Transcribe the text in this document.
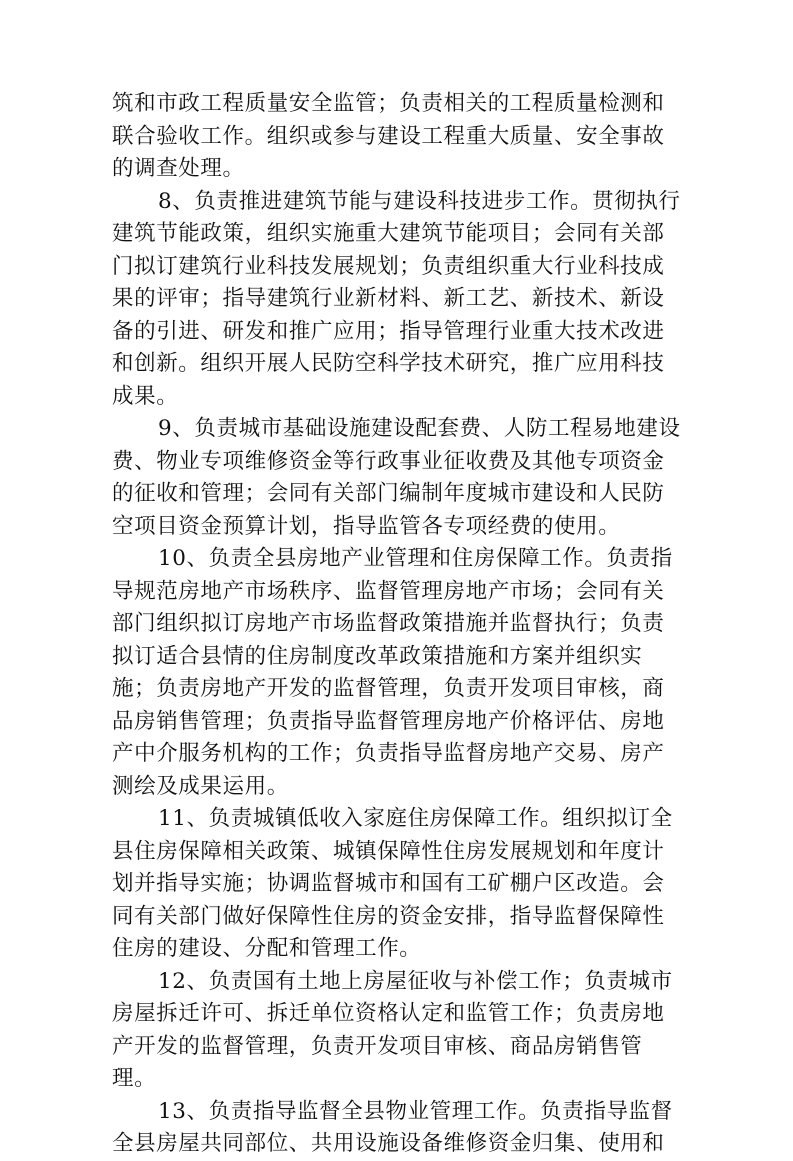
筑和市政工程质量安全监管；负责相关的工程质量检测和
联合验收工作。组织或参与建设工程重大质量、安全事故
的调查处理。
8、负责推进建筑节能与建设科技进步工作。贯彻执行
建筑节能政策，组织实施重大建筑节能项目；会同有关部
门拟订建筑行业科技发展规划；负责组织重大行业科技成
果的评审；指导建筑行业新材料、新工艺、新技术、新设
备的引进、研发和推广应用；指导管理行业重大技术改进
和创新。组织开展人民防空科学技术研究，推广应用科技
成果。
9、负责城市基础设施建设配套费、人防工程易地建设
费、物业专项维修资金等行政事业征收费及其他专项资金
的征收和管理；会同有关部门编制年度城市建设和人民防
空项目资金预算计划，指导监管各专项经费的使用。
10、负责全县房地产业管理和住房保障工作。负责指
导规范房地产市场秩序、监督管理房地产市场；会同有关
部门组织拟订房地产市场监督政策措施并监督执行；负责
拟订适合县情的住房制度改革政策措施和方案并组织实
施；负责房地产开发的监督管理，负责开发项目审核，商
品房销售管理；负责指导监督管理房地产价格评估、房地
产中介服务机构的工作；负责指导监督房地产交易、房产
测绘及成果运用。
11、负责城镇低收入家庭住房保障工作。组织拟订全
县住房保障相关政策、城镇保障性住房发展规划和年度计
划并指导实施；协调监督城市和国有工矿棚户区改造。会
同有关部门做好保障性住房的资金安排，指导监督保障性
住房的建设、分配和管理工作。
12、负责国有土地上房屋征收与补偿工作；负责城市
房屋拆迁许可、拆迁单位资格认定和监管工作；负责房地
产开发的监督管理，负责开发项目审核、商品房销售管
理。
13、负责指导监督全县物业管理工作。负责指导监督
全县房屋共同部位、共用设施设备维修资金归集、使用和
